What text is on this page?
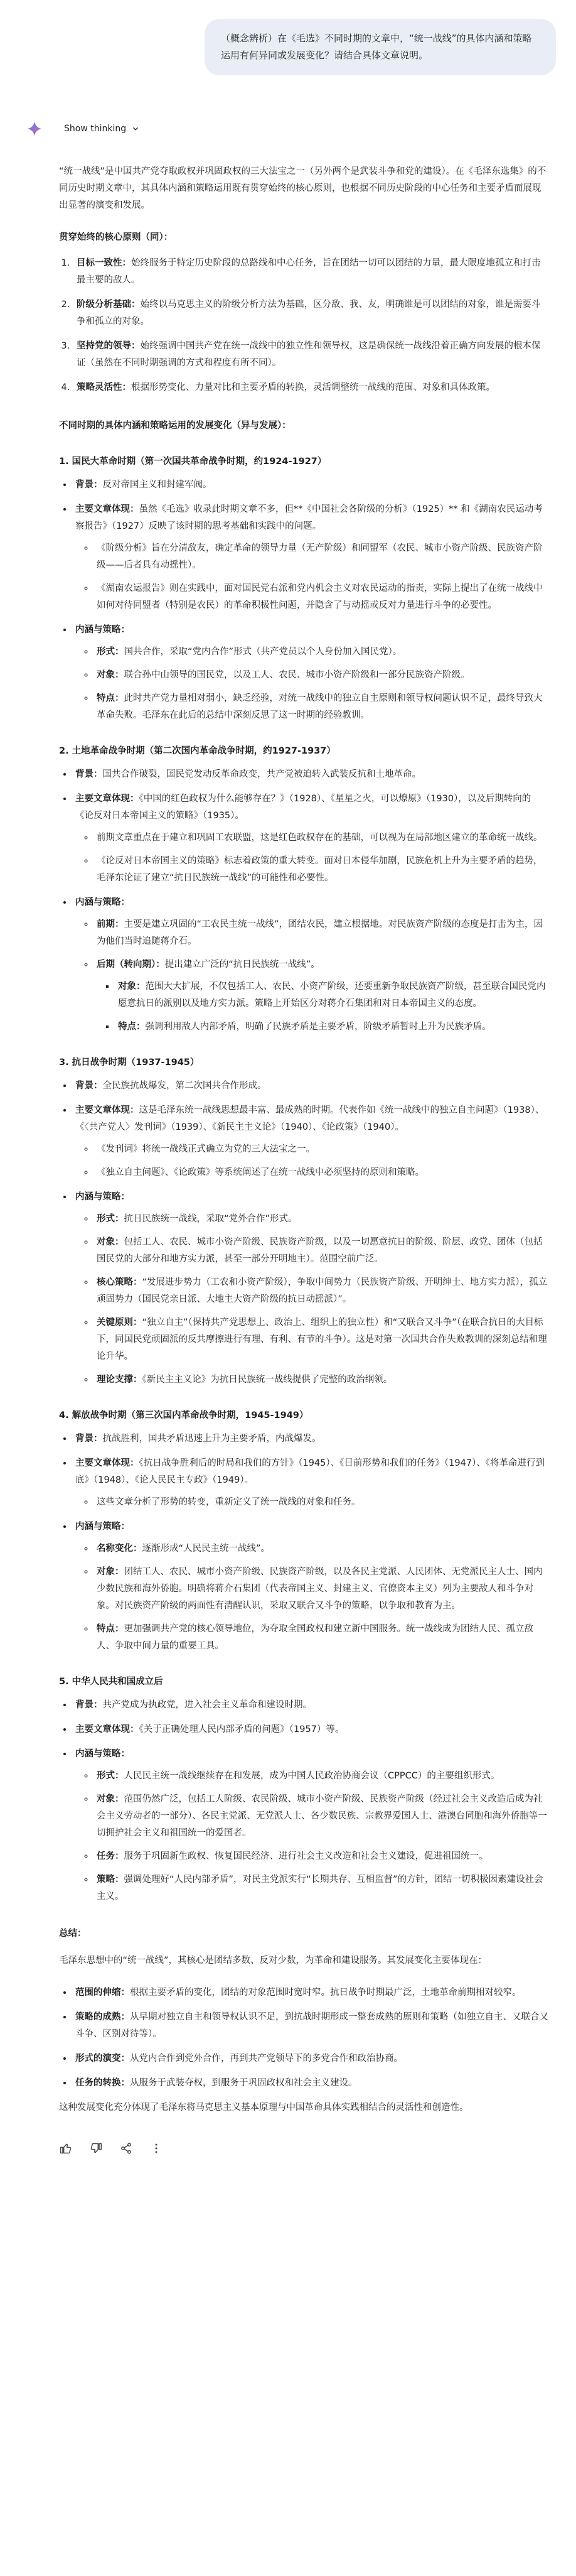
（概念辨析）在《毛选》不同时期的文章中，“统一战线”的具体内涵和策略运用有何异同或发展变化？请结合具体文章说明。
Show thinking

“统一战线”是中国共产党夺取政权并巩固政权的三大法宝之一（另外两个是武装斗争和党的建设）。在《毛泽东选集》的不同历史时期文章中，其具体内涵和策略运用既有贯穿始终的核心原则，也根据不同历史阶段的中心任务和主要矛盾而展现出显著的演变和发展。

贯穿始终的核心原则（同）：
1. 目标一致性：始终服务于特定历史阶段的总路线和中心任务，旨在团结一切可以团结的力量，最大限度地孤立和打击最主要的敌人。
2. 阶级分析基础：始终以马克思主义的阶级分析方法为基础，区分敌、我、友，明确谁是可以团结的对象，谁是需要斗争和孤立的对象。
3. 坚持党的领导：始终强调中国共产党在统一战线中的独立性和领导权，这是确保统一战线沿着正确方向发展的根本保证（虽然在不同时期强调的方式和程度有所不同）。
4. 策略灵活性：根据形势变化、力量对比和主要矛盾的转换，灵活调整统一战线的范围、对象和具体政策。
不同时期的具体内涵和策略运用的发展变化（异与发展）：
1. 国民大革命时期（第一次国共革命战争时期，约1924-1927）
• 背景：反对帝国主义和封建军阀。
• 主要文章体现：虽然《毛选》收录此时期文章不多，但**《中国社会各阶级的分析》（1925）** 和《湖南农民运动考察报告》（1927）反映了该时期的思考基础和实践中的问题。
◦ 《阶级分析》旨在分清敌友，确定革命的领导力量（无产阶级）和同盟军（农民、城市小资产阶级、民族资产阶级——后者具有动摇性）。
◦ 《湖南农运报告》则在实践中，面对国民党右派和党内机会主义对农民运动的指责，实际上提出了在统一战线中如何对待同盟者（特别是农民）的革命积极性问题，并隐含了与动摇或反对力量进行斗争的必要性。
• 内涵与策略：
◦ 形式：国共合作，采取“党内合作”形式（共产党员以个人身份加入国民党）。
◦ 对象：联合孙中山领导的国民党，以及工人、农民、城市小资产阶级和一部分民族资产阶级。
◦ 特点：此时共产党力量相对弱小，缺乏经验，对统一战线中的独立自主原则和领导权问题认识不足，最终导致大革命失败。毛泽东在此后的总结中深刻反思了这一时期的经验教训。
2. 土地革命战争时期（第二次国内革命战争时期，约1927-1937）
• 背景：国共合作破裂，国民党发动反革命政变，共产党被迫转入武装反抗和土地革命。
• 主要文章体现：《中国的红色政权为什么能够存在？》（1928）、《星星之火，可以燎原》（1930），以及后期转向的《论反对日本帝国主义的策略》（1935）。
◦ 前期文章重点在于建立和巩固工农联盟，这是红色政权存在的基础，可以视为在局部地区建立的革命统一战线。
◦ 《论反对日本帝国主义的策略》标志着政策的重大转变。面对日本侵华加剧，民族危机上升为主要矛盾的趋势，毛泽东论证了建立“抗日民族统一战线”的可能性和必要性。
• 内涵与策略：
◦ 前期：主要是建立巩固的“工农民主统一战线”，团结农民，建立根据地。对民族资产阶级的态度是打击为主，因为他们当时追随蒋介石。
◦ 后期（转向期）：提出建立广泛的“抗日民族统一战线”。
▪ 对象：范围大大扩展，不仅包括工人、农民、小资产阶级，还要重新争取民族资产阶级，甚至联合国民党内愿意抗日的派别以及地方实力派。策略上开始区分对蒋介石集团和对日本帝国主义的态度。
▪ 特点：强调利用敌人内部矛盾，明确了民族矛盾是主要矛盾，阶级矛盾暂时上升为民族矛盾。
3. 抗日战争时期（1937-1945）
• 背景：全民族抗战爆发，第二次国共合作形成。
• 主要文章体现：这是毛泽东统一战线思想最丰富、最成熟的时期。代表作如《统一战线中的独立自主问题》（1938）、《〈共产党人〉发刊词》（1939）、《新民主主义论》（1940）、《论政策》（1940）。
◦ 《发刊词》将统一战线正式确立为党的三大法宝之一。
◦ 《独立自主问题》、《论政策》等系统阐述了在统一战线中必须坚持的原则和策略。
• 内涵与策略：
◦ 形式：抗日民族统一战线，采取“党外合作”形式。
◦ 对象：包括工人、农民、城市小资产阶级、民族资产阶级，以及一切愿意抗日的阶级、阶层、政党、团体（包括国民党的大部分和地方实力派，甚至一部分开明地主）。范围空前广泛。
◦ 核心策略：“发展进步势力（工农和小资产阶级），争取中间势力（民族资产阶级、开明绅士、地方实力派），孤立顽固势力（国民党亲日派、大地主大资产阶级的抗日动摇派）”。
◦ 关键原则：“独立自主”（保持共产党思想上、政治上、组织上的独立性）和“又联合又斗争”（在联合抗日的大目标下，同国民党顽固派的反共摩擦进行有理、有利、有节的斗争）。这是对第一次国共合作失败教训的深刻总结和理论升华。
◦ 理论支撑：《新民主主义论》为抗日民族统一战线提供了完整的政治纲领。
4. 解放战争时期（第三次国内革命战争时期，1945-1949）
• 背景：抗战胜利，国共矛盾迅速上升为主要矛盾，内战爆发。
• 主要文章体现：《抗日战争胜利后的时局和我们的方针》（1945）、《目前形势和我们的任务》（1947）、《将革命进行到底》（1948）、《论人民民主专政》（1949）。
◦ 这些文章分析了形势的转变，重新定义了统一战线的对象和任务。
• 内涵与策略：
◦ 名称变化：逐渐形成“人民民主统一战线”。
◦ 对象：团结工人、农民、城市小资产阶级、民族资产阶级，以及各民主党派、人民团体、无党派民主人士、国内少数民族和海外侨胞。明确将蒋介石集团（代表帝国主义、封建主义、官僚资本主义）列为主要敌人和斗争对象。对民族资产阶级的两面性有清醒认识，采取又联合又斗争的策略，以争取和教育为主。
◦ 特点：更加强调共产党的核心领导地位，为夺取全国政权和建立新中国服务。统一战线成为团结人民、孤立敌人、争取中间力量的重要工具。
5. 中华人民共和国成立后
• 背景：共产党成为执政党，进入社会主义革命和建设时期。
• 主要文章体现：《关于正确处理人民内部矛盾的问题》（1957）等。
• 内涵与策略：
◦ 形式：人民民主统一战线继续存在和发展，成为中国人民政治协商会议（CPPCC）的主要组织形式。
◦ 对象：范围仍然广泛，包括工人阶级、农民阶级、城市小资产阶级、民族资产阶级（经过社会主义改造后成为社会主义劳动者的一部分）、各民主党派、无党派人士、各少数民族、宗教界爱国人士、港澳台同胞和海外侨胞等一切拥护社会主义和祖国统一的爱国者。
◦ 任务：服务于巩固新生政权、恢复国民经济、进行社会主义改造和社会主义建设，促进祖国统一。
◦ 策略：强调处理好“人民内部矛盾”，对民主党派实行“长期共存、互相监督”的方针，团结一切积极因素建设社会主义。
总结：

毛泽东思想中的“统一战线”，其核心是团结多数、反对少数，为革命和建设服务。其发展变化主要体现在：

• 范围的伸缩：根据主要矛盾的变化，团结的对象范围时宽时窄。抗日战争时期最广泛，土地革命前期相对较窄。
• 策略的成熟：从早期对独立自主和领导权认识不足，到抗战时期形成一整套成熟的原则和策略（如独立自主、又联合又斗争、区别对待等）。
• 形式的演变：从党内合作到党外合作，再到共产党领导下的多党合作和政治协商。
• 任务的转换：从服务于武装夺权，到服务于巩固政权和社会主义建设。

这种发展变化充分体现了毛泽东将马克思主义基本原理与中国革命具体实践相结合的灵活性和创造性。
